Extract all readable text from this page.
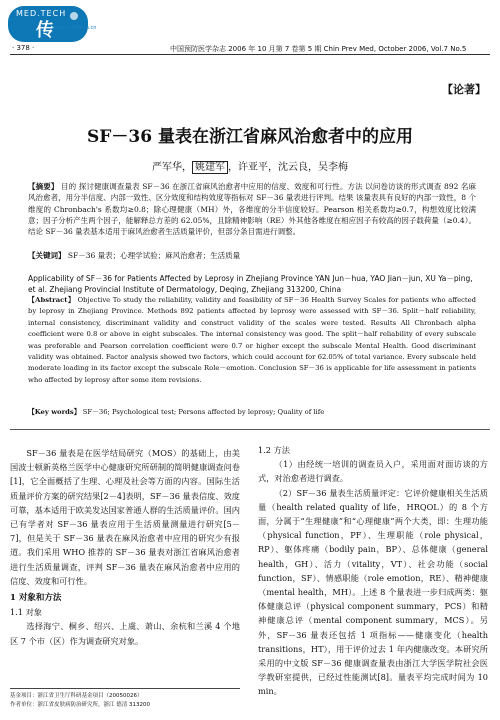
MED.TECH
传
www.meditech.cn
· 378 ·	中国预防医学杂志 2006 年 10 月第 7 卷第 5 期 Chin Prev Med, October 2006, Vol.7 No.5
【论著】
SF－36 量表在浙江省麻风治愈者中的应用
严军华， 姚建军 ，许亚平，沈云良，吴李梅
【摘要】 目的 探讨健康调查量表 SF－36 在浙江省麻风治愈者中应用的信度、效度和可行性。方法 以问卷访谈的形式调查 892 名麻风治愈者，用分半信度、内部一致性、区分效度和结构效度等指标对 SF－36 量表进行评判。结果 该量表具有良好的内部一致性，8 个维度的 Chronbach's 系数均≥0.8；除心理健康（MH）外，各维度的分半信度较好。Pearson 相关系数均≥0.7，构想效度比较满意；因子分析产生两个因子，能解释总方差的 62.05%，且除精神影响（RE）外其他各维度在相应因子有较高的因子载荷量（≥0.4）。结论 SF－36 量表基本适用于麻风治愈者生活质量评价，但部分条目需进行调整。
【关键词】 SF－36 量表；心理学试验；麻风治愈者；生活质量
Applicability of SF－36 for Patients Affected by Leprosy in Zhejiang Province YAN Jun－hua, YAO Jian－jun, XU Ya－ping, et al. Zhejiang Provincial Institute of Dermatology, Deqing, Zhejiang 313200, China
【Abstract】 Objective To study the reliability, validity and feasibility of SF－36 Health Survey Scales for patients who affected by leprosy in Zhejiang Province. Methods 892 patients affected by leprosy were assessed with SF－36. Split－half reliability, internal consistency, discriminant validity and construct validity of the scales were tested. Results All Chronbach alpha coefficient were 0.8 or above in eight subscales. The internal consistency was good. The split－half reliability of every subscale was preferable and Pearson correlation coefficient were 0.7 or higher except the subscale Mental Health. Good discriminant validity was obtained. Factor analysis showed two factors, which could account for 62.05% of total variance. Every subscale held moderate loading in its factor except the subscale Role－emotion. Conclusion SF－36 is applicable for life assessment in patients who affected by leprosy after some item revisions.
【Key words】 SF－36; Psychological test; Persons affected by leprosy; Quality of life
SF－36 量表是在医学结局研究（MOS）的基础上，由美国波士顿新英格兰医学中心健康研究所研制的简明健康调查问卷[1]，它全面概括了生理、心理及社会等方面的内容。国际生活质量评价方案的研究结果[2－4]表明，SF－36 量表信度、效度可靠，基本适用于欧美发达国家普通人群的生活质量评价。国内已有学者对 SF－36 量表应用于生活质量测量进行研究[5－7]，但是关于 SF－36 量表在麻风治愈者中应用的研究少有报道。我们采用 WHO 推荐的 SF－36 量表对浙江省麻风治愈者进行生活质量调查，评判 SF－36 量表在麻风治愈者中应用的信度、效度和可行性。
1 对象和方法
1.1 对象
选择海宁、桐乡、绍兴、上虞、萧山、余杭和兰溪 4 个地区 7 个市（区）作为调查研究对象。
基金项目：浙江省卫生厅科研基金项目（20050026）
作者单位：浙江省皮肤病防治研究所，浙江 德清 313200
1.2 方法
（1）由经统一培训的调查员入户，采用面对面访谈的方式，对治愈者进行调查。
（2）SF－36 量表生活质量评定：它评价健康相关生活质量（health related quality of life，HRQOL）的 8 个方面，分属于“生理健康”和“心理健康”两个大类，即：生理功能（physical function，PF）、生理职能（role physical，RP）、躯体疼痛（bodily pain，BP）、总体健康（general health，GH）、活力（vitality，VT）、社会功能（social function，SF）、情感职能（role emotion，RE）、精神健康（mental health，MH）。上述 8 个量表进一步归成两类：躯体健康总评（physical component summary，PCS）和精神健康总评（mental component summary，MCS）。另外，SF－36 量表还包括 1 项指标——健康变化（health transitions，HT），用于评价过去 1 年内健康改变。本研究所采用的中文版 SF－36 健康调查量表由浙江大学医学院社会医学教研室提供，已经过性能测试[8]。量表平均完成时间为 10 min。
